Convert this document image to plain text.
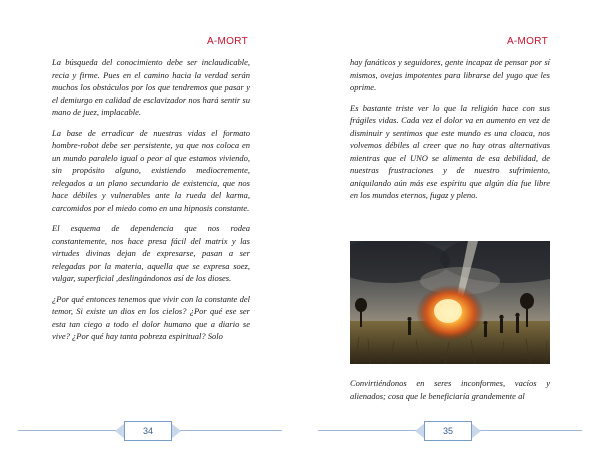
A-MORT

La búsqueda del conocimiento debe ser inclaudicable, recia y firme. Pues en el camino hacia la verdad serán muchos los obstáculos por los que tendremos que pasar y el demiurgo en calidad de esclavizador nos hará sentir su mano de juez, implacable.

La base de erradicar de nuestras vidas el formato hombre-robot debe ser persistente, ya que nos coloca en un mundo paralelo igual o peor al que estamos viviendo, sin propósito alguno, existiendo mediocremente, relegados a un plano secundario de existencia, que nos hace débiles y vulnerables ante la rueda del karma, carcomidos por el miedo como en una hipnosis constante.

El esquema de dependencia que nos rodea constantemente, nos hace presa fácil del matrix y las virtudes divinas dejan de expresarse, pasan a ser relegadas por la materia, aquella que se expresa soez, vulgar, superficial ,deslingándonos así de los dioses.

¿Por qué entonces tenemos que vivir con la constante del temor, Si existe un dios en los cielos? ¿Por qué ese ser esta tan ciego a todo el dolor humano que a diario se vive? ¿Por qué hay tanta pobreza espiritual? Solo

34
A-MORT

hay fanáticos y seguidores, gente incapaz de pensar por sí mismos, ovejas impotentes para librarse del yugo que les oprime.

Es bastante triste ver lo que la religión hace con sus frágiles vidas. Cada vez el dolor va en aumento en vez de disminuir y sentimos que este mundo es una cloaca, nos volvemos débiles al creer que no hay otras alternativas mientras que el UNO se alimenta de esa debilidad, de nuestras frustraciones y de nuestro sufrimiento, aniquilando aún más ese espíritu que algún día fue libre en los mundos eternos, fugaz y pleno.

Convirtiéndonos en seres inconformes, vacíos y alienados; cosa que le beneficiaría grandemente al

35
